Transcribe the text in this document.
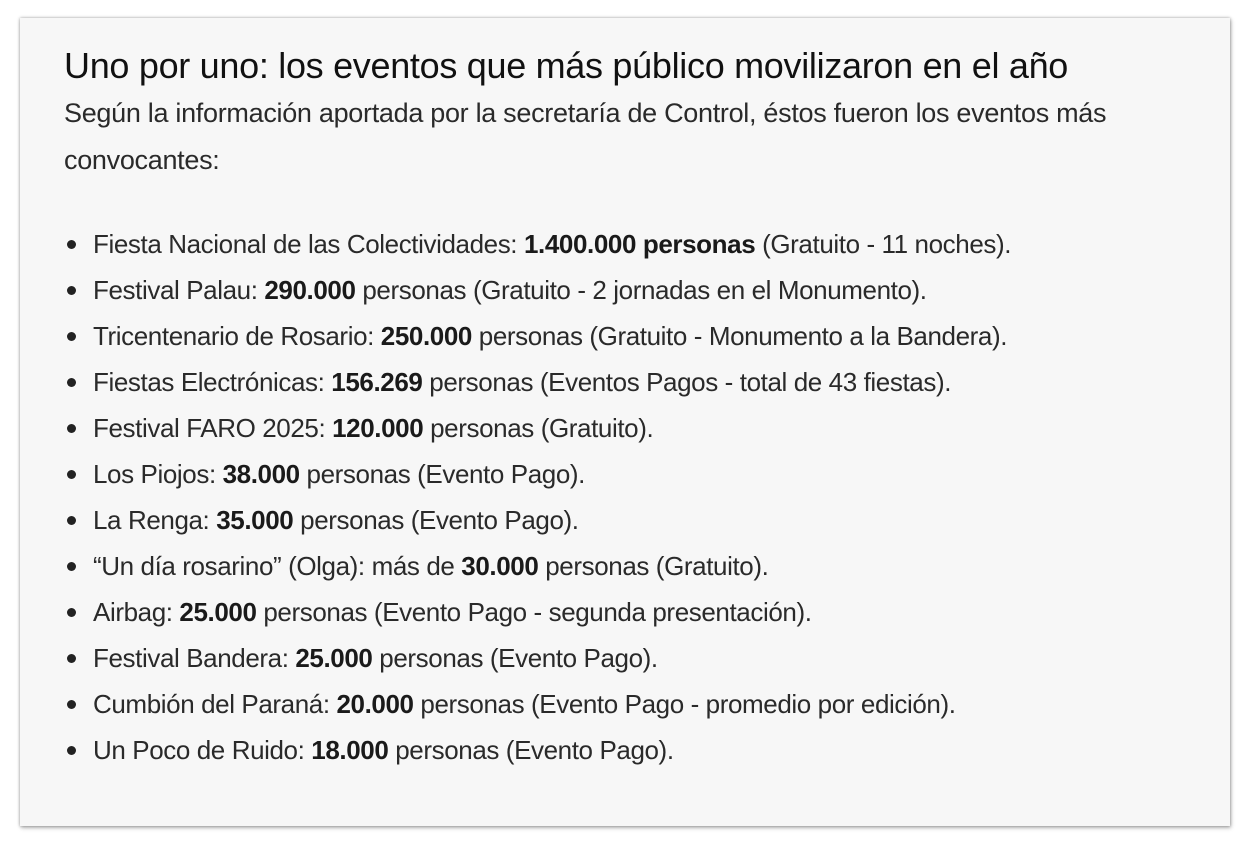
Uno por uno: los eventos que más público movilizaron en el año

Según la información aportada por la secretaría de Control, éstos fueron los eventos más convocantes:

Fiesta Nacional de las Colectividades: 1.400.000 personas (Gratuito - 11 noches).
Festival Palau: 290.000 personas (Gratuito - 2 jornadas en el Monumento).
Tricentenario de Rosario: 250.000 personas (Gratuito - Monumento a la Bandera).
Fiestas Electrónicas: 156.269 personas (Eventos Pagos - total de 43 fiestas).
Festival FARO 2025: 120.000 personas (Gratuito).
Los Piojos: 38.000 personas (Evento Pago).
La Renga: 35.000 personas (Evento Pago).
“Un día rosarino” (Olga): más de 30.000 personas (Gratuito).
Airbag: 25.000 personas (Evento Pago - segunda presentación).
Festival Bandera: 25.000 personas (Evento Pago).
Cumbión del Paraná: 20.000 personas (Evento Pago - promedio por edición).
Un Poco de Ruido: 18.000 personas (Evento Pago).
